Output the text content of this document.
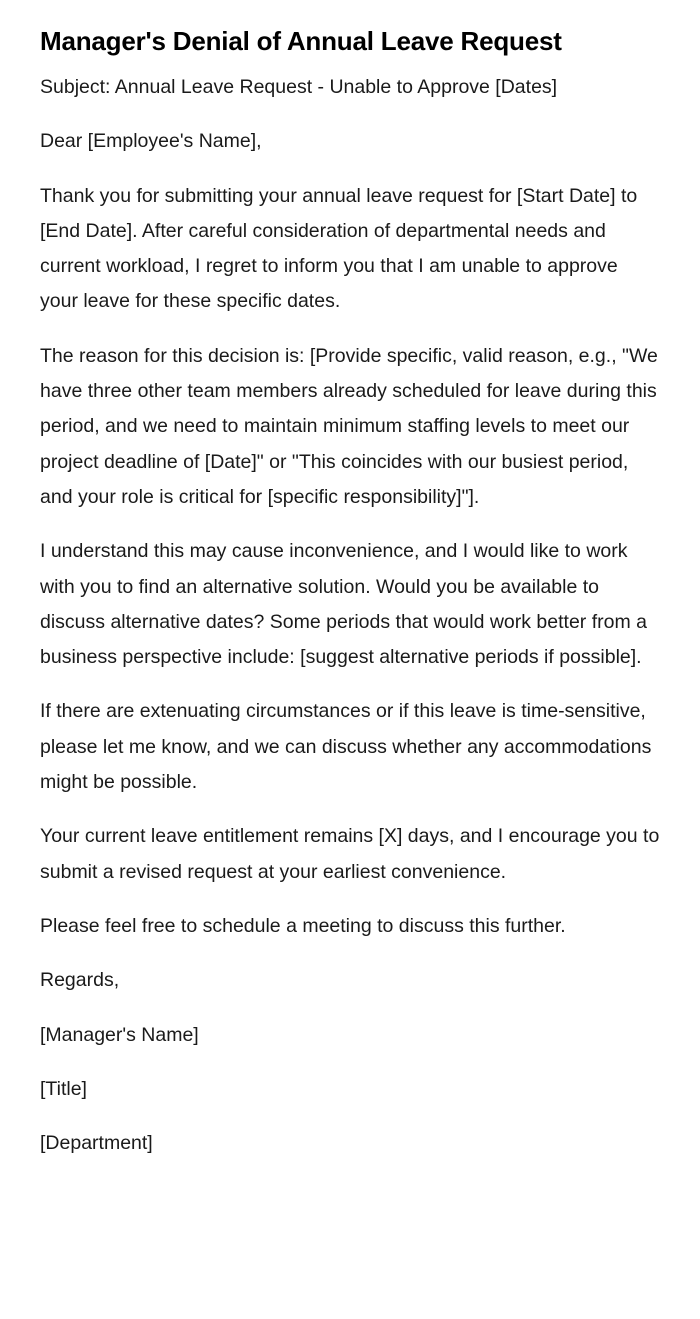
Manager's Denial of Annual Leave Request

Subject: Annual Leave Request - Unable to Approve [Dates]

Dear [Employee's Name],

Thank you for submitting your annual leave request for [Start Date] to [End Date]. After careful consideration of departmental needs and current workload, I regret to inform you that I am unable to approve your leave for these specific dates.

The reason for this decision is: [Provide specific, valid reason, e.g., "We have three other team members already scheduled for leave during this period, and we need to maintain minimum staffing levels to meet our project deadline of [Date]" or "This coincides with our busiest period, and your role is critical for [specific responsibility]"].

I understand this may cause inconvenience, and I would like to work with you to find an alternative solution. Would you be available to discuss alternative dates? Some periods that would work better from a business perspective include: [suggest alternative periods if possible].

If there are extenuating circumstances or if this leave is time-sensitive, please let me know, and we can discuss whether any accommodations might be possible.

Your current leave entitlement remains [X] days, and I encourage you to submit a revised request at your earliest convenience.

Please feel free to schedule a meeting to discuss this further.

Regards,

[Manager's Name]

[Title]

[Department]
